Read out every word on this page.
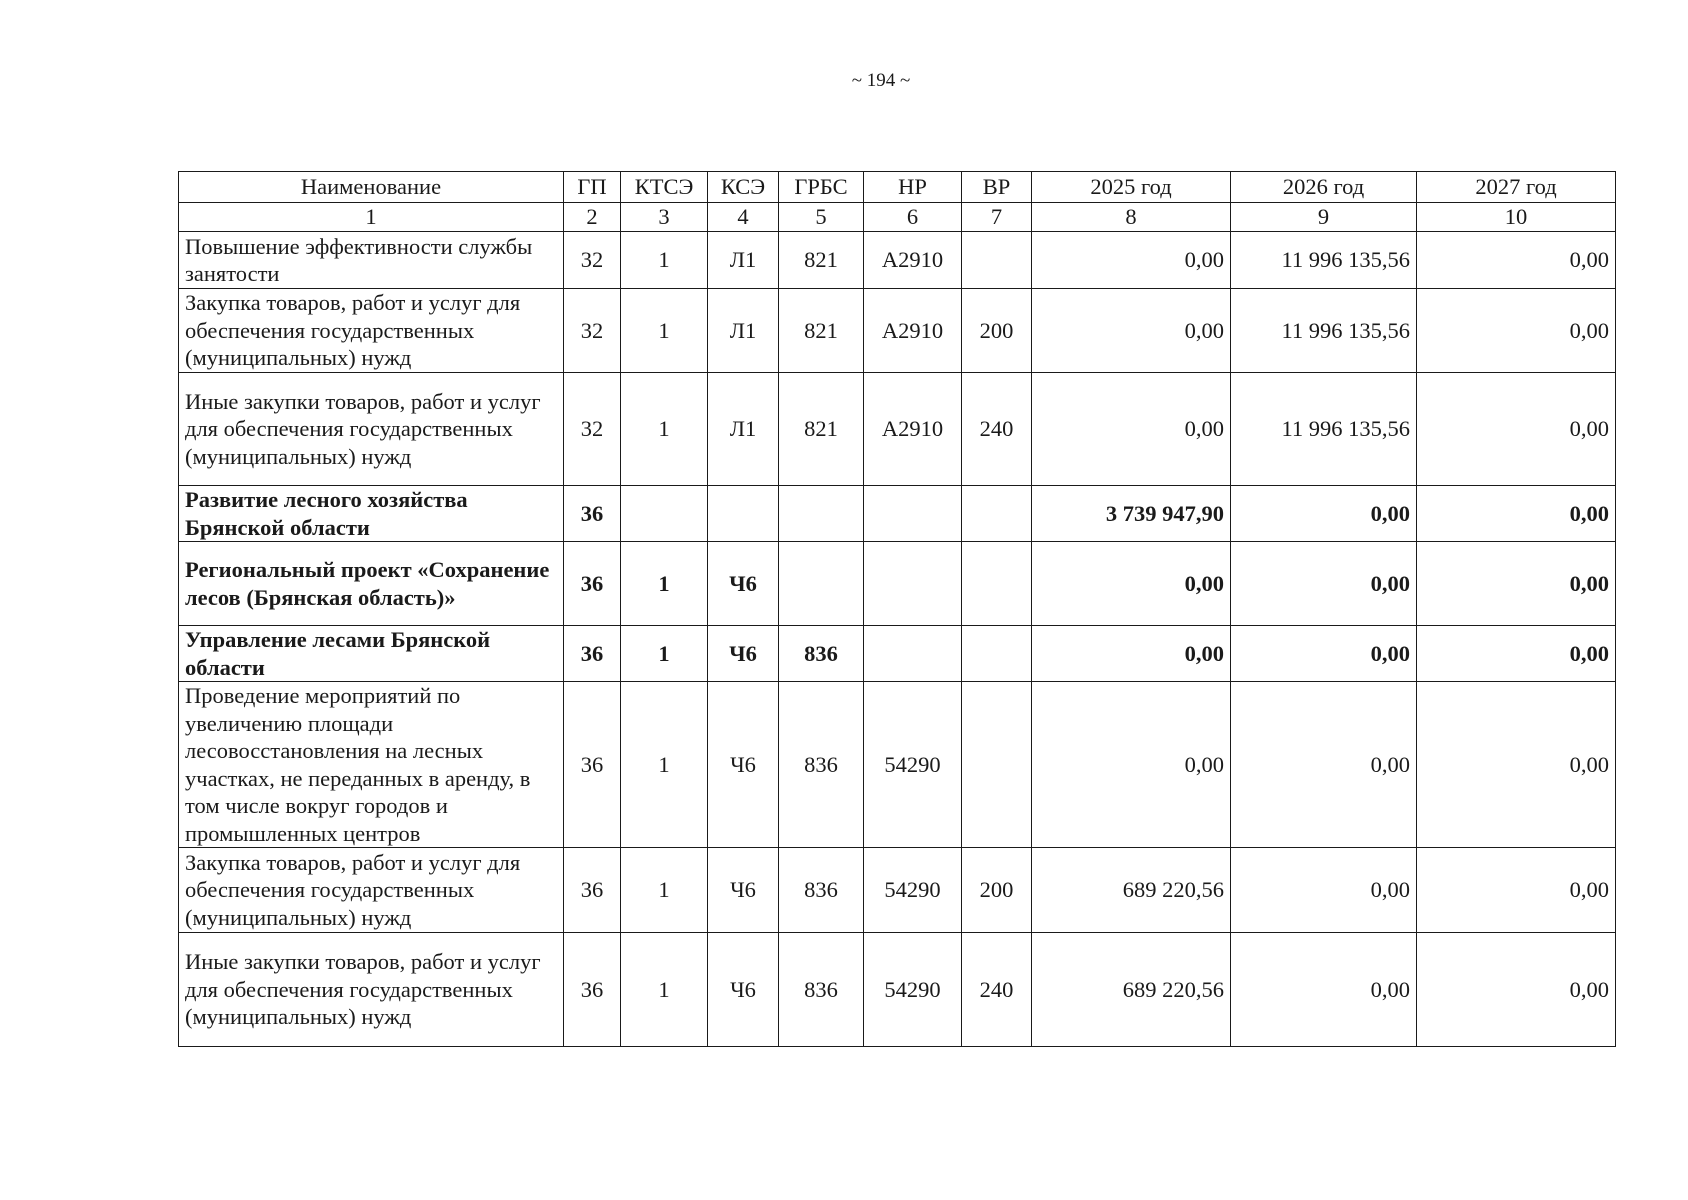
~ 194 ~
Наименование	ГП	КТСЭ	КСЭ	ГРБС	НР	ВР	2025 год	2026 год	2027 год
1	2	3	4	5	6	7	8	9	10
Повышение эффективности службы занятости	32	1	Л1	821	А2910		0,00	11 996 135,56	0,00
Закупка товаров, работ и услуг для обеспечения государственных (муниципальных) нужд	32	1	Л1	821	А2910	200	0,00	11 996 135,56	0,00
Иные закупки товаров, работ и услуг для обеспечения государственных (муниципальных) нужд	32	1	Л1	821	А2910	240	0,00	11 996 135,56	0,00
Развитие лесного хозяйства Брянской области	36						3 739 947,90	0,00	0,00
Региональный проект «Сохранение лесов (Брянская область)»	36	1	Ч6				0,00	0,00	0,00
Управление лесами Брянской области	36	1	Ч6	836			0,00	0,00	0,00
Проведение мероприятий по увеличению площади лесовосстановления на лесных участках, не переданных в аренду, в том числе вокруг городов и промышленных центров	36	1	Ч6	836	54290		0,00	0,00	0,00
Закупка товаров, работ и услуг для обеспечения государственных (муниципальных) нужд	36	1	Ч6	836	54290	200	689 220,56	0,00	0,00
Иные закупки товаров, работ и услуг для обеспечения государственных (муниципальных) нужд	36	1	Ч6	836	54290	240	689 220,56	0,00	0,00
